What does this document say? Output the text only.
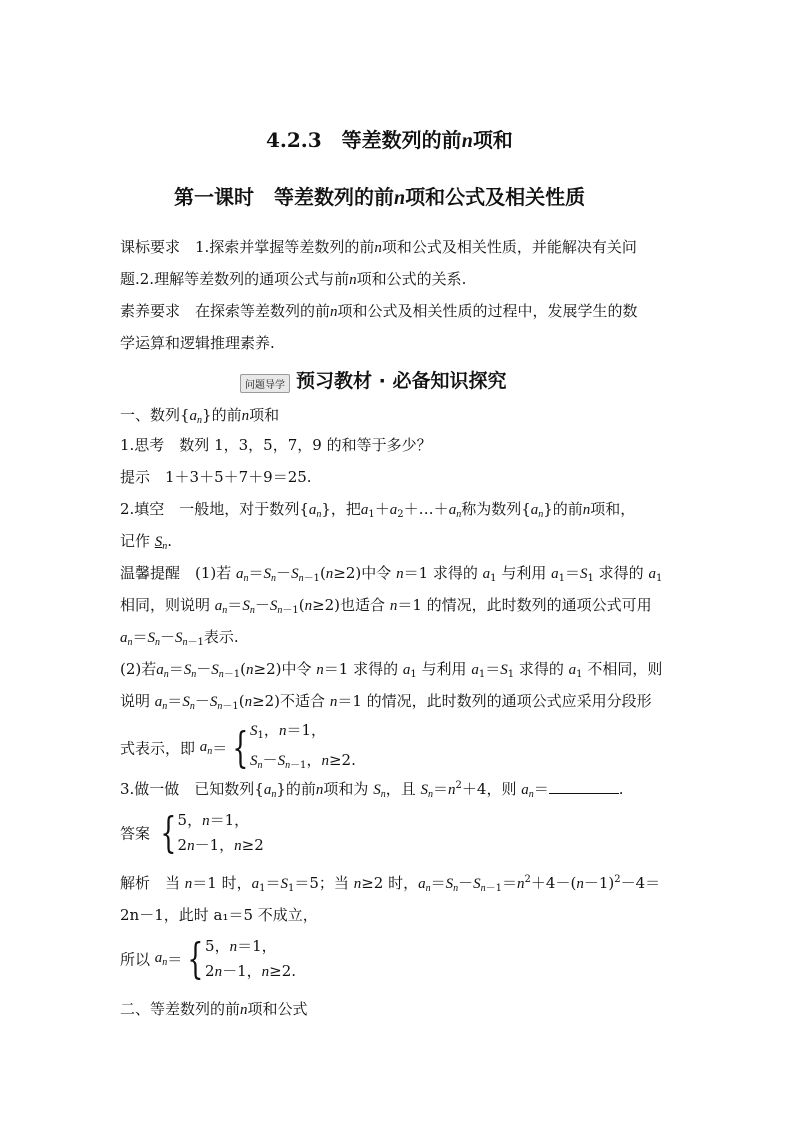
4.2.3　等差数列的前n项和
第一课时　等差数列的前n项和公式及相关性质
课标要求　1.探索并掌握等差数列的前n项和公式及相关性质，并能解决有关问
题.2.理解等差数列的通项公式与前n项和公式的关系.
素养要求　在探索等差数列的前n项和公式及相关性质的过程中，发展学生的数
学运算和逻辑推理素养.
问题导学 预习教材 · 必备知识探究
一、数列$\{a_n\}$的前n项和
1.思考　数列 1，3，5，7，9 的和等于多少？
提示　1＋3＋5＋7＋9＝25.
2.填空　一般地，对于数列$\{a_n\}$，把$a_1+a_2+\dots+a_n$称为数列$\{a_n\}$的前n项和，
记作 $S_n$.
温馨提醒　(1)若 $a_n=S_n-S_{n-1}(n\ge 2)$中令 n＝1 求得的 $a_1$ 与利用 $a_1=S_1$ 求得的 $a_1$
相同，则说明 $a_n=S_n-S_{n-1}(n\ge 2)$也适合 n＝1 的情况，此时数列的通项公式可用
$a_n=S_n-S_{n-1}$表示.
(2)若$a_n=S_n-S_{n-1}(n\ge 2)$中令 n＝1 求得的 $a_1$ 与利用 $a_1=S_1$ 求得的 $a_1$ 不相同，则
说明 $a_n=S_n-S_{n-1}(n\ge 2)$不适合 n＝1 的情况，此时数列的通项公式应采用分段形
式表示，即 $a_n=$ { $S_1$，n＝1，
$S_n-S_{n-1}$，n≥2.
3.做一做　已知数列$\{a_n\}$的前n项和为 $S_n$，且 $S_n=n^2+4$，则 $a_n=$	.
答案 { 5，n＝1，
2n－1，n≥2
解析　当 n＝1 时，$a_1=S_1=5$；当 n≥2 时，$a_n=S_n-S_{n-1}=n^2+4-(n-1)^2-4=$
2n－1，此时 a₁＝5 不成立，
所以 $a_n=$ { 5，n＝1，
2n－1，n≥2.
二、等差数列的前n项和公式
